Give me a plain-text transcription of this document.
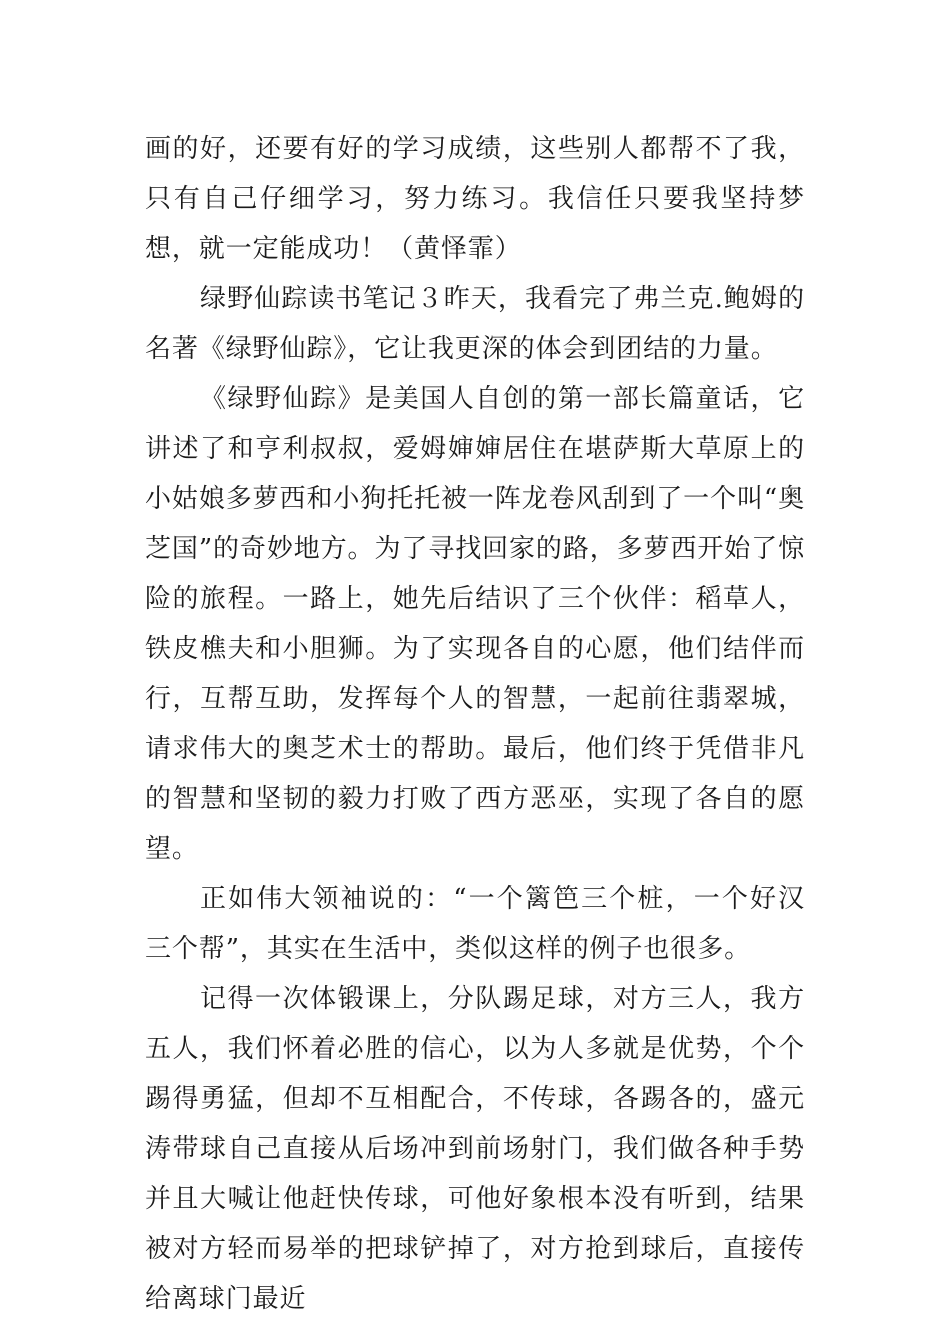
画的好，还要有好的学习成绩，这些别人都帮不了我，只有自己仔细学习，努力练习。我信任只要我坚持梦想，就一定能成功！（黄怿霏）

绿野仙踪读书笔记３昨天，我看完了弗兰克.鲍姆的名著《绿野仙踪》，它让我更深的体会到团结的力量。

《绿野仙踪》是美国人自创的第一部长篇童话，它讲述了和亨利叔叔，爱姆婶婶居住在堪萨斯大草原上的小姑娘多萝西和小狗托托被一阵龙卷风刮到了一个叫“奥芝国”的奇妙地方。为了寻找回家的路，多萝西开始了惊险的旅程。一路上，她先后结识了三个伙伴：稻草人，铁皮樵夫和小胆狮。为了实现各自的心愿，他们结伴而行，互帮互助，发挥每个人的智慧，一起前往翡翠城，请求伟大的奥芝术士的帮助。最后，他们终于凭借非凡的智慧和坚韧的毅力打败了西方恶巫，实现了各自的愿望。

正如伟大领袖说的：“一个篱笆三个桩，一个好汉三个帮”，其实在生活中，类似这样的例子也很多。

记得一次体锻课上，分队踢足球，对方三人，我方五人，我们怀着必胜的信心，以为人多就是优势，个个踢得勇猛，但却不互相配合，不传球，各踢各的，盛元涛带球自己直接从后场冲到前场射门，我们做各种手势并且大喊让他赶快传球，可他好象根本没有听到，结果被对方轻而易举的把球铲掉了，对方抢到球后，直接传给离球门最近
